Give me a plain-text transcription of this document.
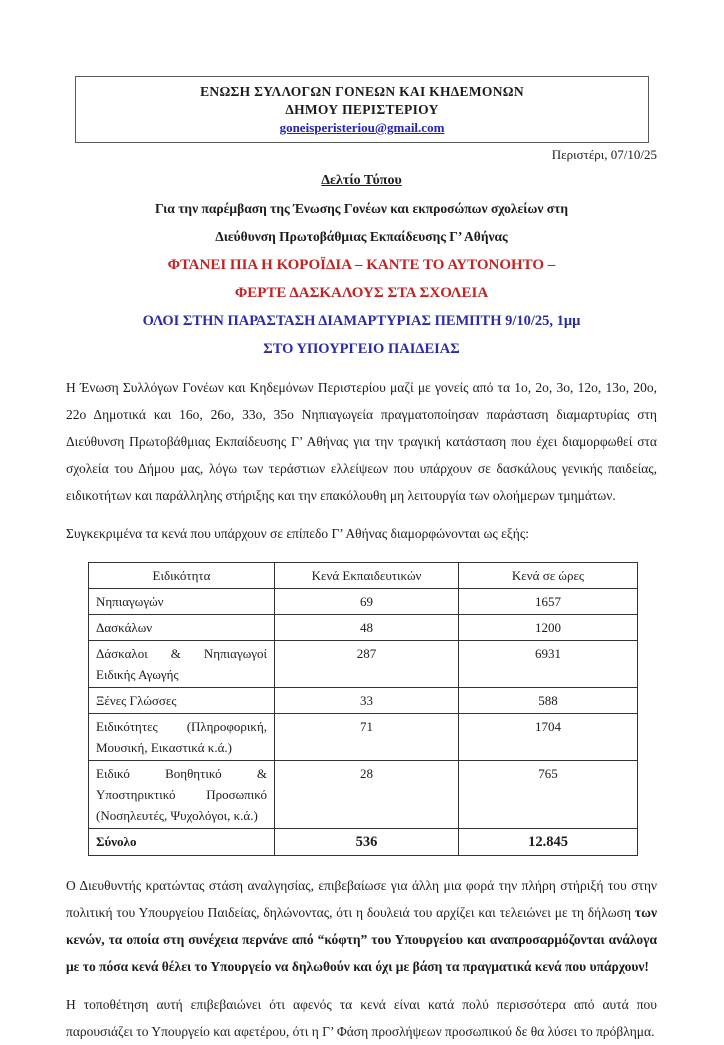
ΕΝΩΣΗ ΣΥΛΛΟΓΩΝ ΓΟΝΕΩΝ ΚΑΙ ΚΗΔΕΜΟΝΩΝ
ΔΗΜΟΥ ΠΕΡΙΣΤΕΡΙΟΥ
goneisperisteriou@gmail.com
Περιστέρι, 07/10/25
Δελτίο Τύπου
Για την παρέμβαση της Ένωσης Γονέων και εκπροσώπων σχολείων στη
Διεύθυνση Πρωτοβάθμιας Εκπαίδευσης Γ’ Αθήνας
ΦΤΑΝΕΙ ΠΙΑ Η ΚΟΡΟΪΔΙΑ – ΚΑΝΤΕ ΤΟ ΑΥΤΟΝΟΗΤΟ –
ΦΕΡΤΕ ΔΑΣΚΑΛΟΥΣ ΣΤΑ ΣΧΟΛΕΙΑ
ΟΛΟΙ ΣΤΗΝ ΠΑΡΑΣΤΑΣΗ ΔΙΑΜΑΡΤΥΡΙΑΣ ΠΕΜΠΤΗ 9/10/25, 1μμ
ΣΤΟ ΥΠΟΥΡΓΕΙΟ ΠΑΙΔΕΙΑΣ

Η Ένωση Συλλόγων Γονέων και Κηδεμόνων Περιστερίου μαζί με γονείς από τα 1ο, 2ο, 3ο, 12ο, 13ο, 20ο, 22ο Δημοτικά και 16ο, 26ο, 33ο, 35ο Νηπιαγωγεία πραγματοποίησαν παράσταση διαμαρτυρίας στη Διεύθυνση Πρωτοβάθμιας Εκπαίδευσης Γ’ Αθήνας για την τραγική κατάσταση που έχει διαμορφωθεί στα σχολεία του Δήμου μας, λόγω των τεράστιων ελλείψεων που υπάρχουν σε δασκάλους γενικής παιδείας, ειδικοτήτων και παράλληλης στήριξης και την επακόλουθη μη λειτουργία των ολοήμερων τμημάτων.

Συγκεκριμένα τα κενά που υπάρχουν σε επίπεδο Γ’ Αθήνας διαμορφώνονται ως εξής:

Ειδικότητα	Κενά Εκπαιδευτικών	Κενά σε ώρες
Νηπιαγωγών	69	1657
Δασκάλων	48	1200
Δάσκαλοι & Νηπιαγωγοί Ειδικής Αγωγής	287	6931
Ξένες Γλώσσες	33	588
Ειδικότητες (Πληροφορική, Μουσική, Εικαστικά κ.ά.)	71	1704
Ειδικό Βοηθητικό & Υποστηρικτικό Προσωπικό (Νοσηλευτές, Ψυχολόγοι, κ.ά.)	28	765
Σύνολο	536	12.845

Ο Διευθυντής κρατώντας στάση αναλγησίας, επιβεβαίωσε για άλλη μια φορά την πλήρη στήριξή του στην πολιτική του Υπουργείου Παιδείας, δηλώνοντας, ότι η δουλειά του αρχίζει και τελειώνει με τη δήλωση των κενών, τα οποία στη συνέχεια περνάνε από “κόφτη” του Υπουργείου και αναπροσαρμόζονται ανάλογα με το πόσα κενά θέλει το Υπουργείο να δηλωθούν και όχι με βάση τα πραγματικά κενά που υπάρχουν!

Η τοποθέτηση αυτή επιβεβαιώνει ότι αφενός τα κενά είναι κατά πολύ περισσότερα από αυτά που παρουσιάζει το Υπουργείο και αφετέρου, ότι η Γ’ Φάση προσλήψεων προσωπικού δε θα λύσει το πρόβλημα.
